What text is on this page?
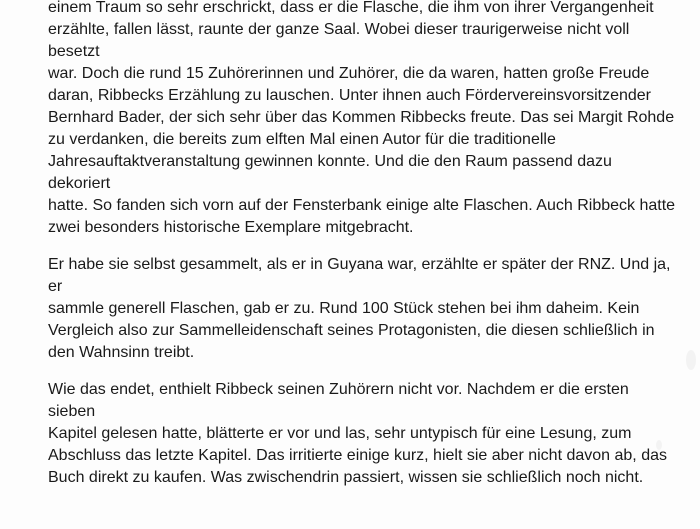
einem Traum so sehr erschrickt, dass er die Flasche, die ihm von ihrer Vergangenheit
erzählte, fallen lässt, raunte der ganze Saal. Wobei dieser traurigerweise nicht voll besetzt
war. Doch die rund 15 Zuhörerinnen und Zuhörer, die da waren, hatten große Freude
daran, Ribbecks Erzählung zu lauschen. Unter ihnen auch Fördervereinsvorsitzender
Bernhard Bader, der sich sehr über das Kommen Ribbecks freute. Das sei Margit Rohde
zu verdanken, die bereits zum elften Mal einen Autor für die traditionelle
Jahresauftaktveranstaltung gewinnen konnte. Und die den Raum passend dazu dekoriert
hatte. So fanden sich vorn auf der Fensterbank einige alte Flaschen. Auch Ribbeck hatte
zwei besonders historische Exemplare mitgebracht.

Er habe sie selbst gesammelt, als er in Guyana war, erzählte er später der RNZ. Und ja, er
sammle generell Flaschen, gab er zu. Rund 100 Stück stehen bei ihm daheim. Kein
Vergleich also zur Sammelleidenschaft seines Protagonisten, die diesen schließlich in
den Wahnsinn treibt.

Wie das endet, enthielt Ribbeck seinen Zuhörern nicht vor. Nachdem er die ersten sieben
Kapitel gelesen hatte, blätterte er vor und las, sehr untypisch für eine Lesung, zum
Abschluss das letzte Kapitel. Das irritierte einige kurz, hielt sie aber nicht davon ab, das
Buch direkt zu kaufen. Was zwischendrin passiert, wissen sie schließlich noch nicht.
